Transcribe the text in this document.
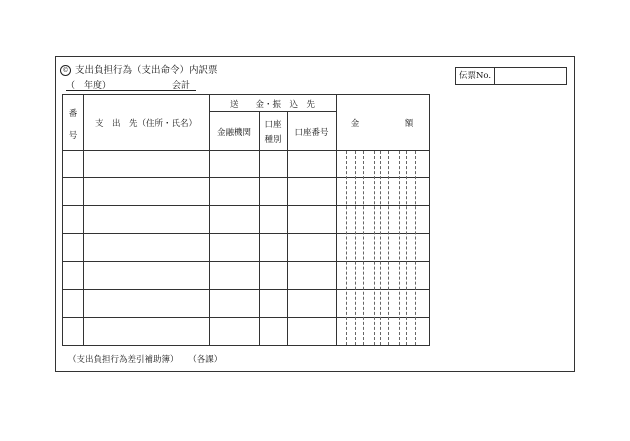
© 支出負担行為（支出命令）内訳票
（ 年度）	会計
伝票No.
番
号
支　出　先（住所・氏名）
送　　金・振　込　先
金融機関
口座
種別
口座番号
金	額
（支出負担行為差引補助簿） （各課）
